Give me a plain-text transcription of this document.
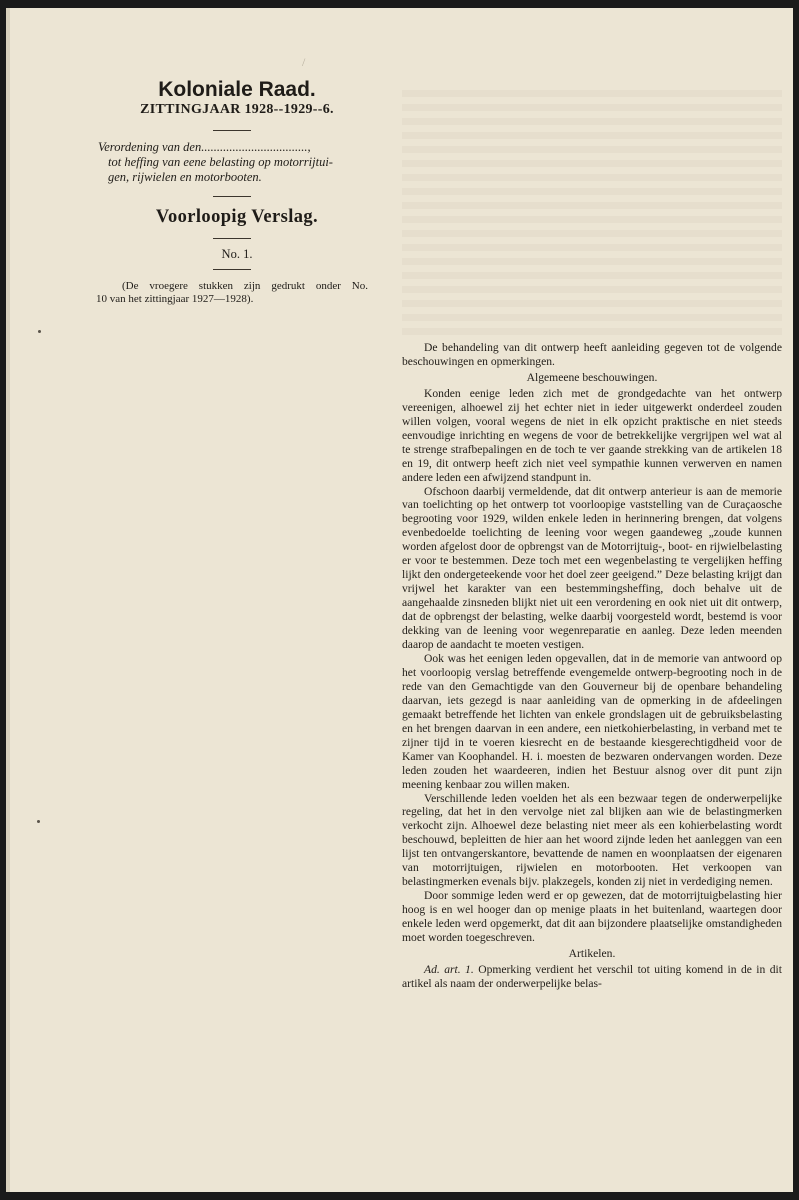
/
Koloniale Raad.
ZITTINGJAAR 1928--1929--6.
Verordening van den..................................,
tot heffing van eene belasting op motorrijtui-
gen, rijwielen en motorbooten.
Voorloopig Verslag.
No. 1.
(De vroegere stukken zijn gedrukt onder No.
10 van het zittingjaar 1927—1928).

De behandeling van dit ontwerp heeft aanleiding gegeven tot de volgende beschouwingen en opmerkingen.

Algemeene beschouwingen.

Konden eenige leden zich met de grondgedachte van het ontwerp vereenigen, alhoewel zij het echter niet in ieder uitgewerkt onderdeel zouden willen volgen, vooral wegens de niet in elk opzicht praktische en niet steeds eenvoudige inrichting en wegens de voor de betrekkelijke vergrijpen wel wat al te strenge strafbepalingen en de toch te ver gaande strekking van de artikelen 18 en 19, dit ontwerp heeft zich niet veel sympathie kunnen verwerven en namen andere leden een afwijzend standpunt in.

Ofschoon daarbij vermeldende, dat dit ontwerp anterieur is aan de memorie van toelichting op het ontwerp tot voorloopige vaststelling van de Curaçaosche begrooting voor 1929, wilden enkele leden in herinnering brengen, dat volgens evenbedoelde toelichting de leening voor wegen gaandeweg „zoude kunnen worden afgelost door de opbrengst van de Motorrijtuig-, boot- en rijwielbelasting er voor te bestemmen. Deze toch met een wegenbelasting te vergelijken heffing lijkt den ondergeteekende voor het doel zeer geeigend.” Deze belasting krijgt dan vrijwel het karakter van een bestemmingsheffing, doch behalve uit de aangehaalde zinsneden blijkt niet uit een verordening en ook niet uit dit ontwerp, dat de opbrengst der belasting, welke daarbij voorgesteld wordt, bestemd is voor dekking van de leening voor wegenreparatie en aanleg. Deze leden meenden daarop de aandacht te moeten vestigen.

Ook was het eenigen leden opgevallen, dat in de memorie van antwoord op het voorloopig verslag betreffende evengemelde ontwerp-begrooting noch in de rede van den Gemachtigde van den Gouverneur bij de openbare behandeling daarvan, iets gezegd is naar aanleiding van de opmerking in de afdeelingen gemaakt betreffende het lichten van enkele grondslagen uit de gebruiksbelasting en het brengen daarvan in een andere, een nietkohierbelasting, in verband met te zijner tijd in te voeren kiesrecht en de bestaande kiesgerechtigdheid voor de Kamer van Koophandel. H. i. moesten de bezwaren ondervangen worden. Deze leden zouden het waardeeren, indien het Bestuur alsnog over dit punt zijn meening kenbaar zou willen maken.

Verschillende leden voelden het als een bezwaar tegen de onderwerpelijke regeling, dat het in den vervolge niet zal blijken aan wie de belastingmerken verkocht zijn. Alhoewel deze belasting niet meer als een kohierbelasting wordt beschouwd, bepleitten de hier aan het woord zijnde leden het aanleggen van een lijst ten ontvangerskantore, bevattende de namen en woonplaatsen der eigenaren van motorrijtuigen, rijwielen en motorbooten. Het verkoopen van belastingmerken evenals bijv. plakzegels, konden zij niet in verdediging nemen.

Door sommige leden werd er op gewezen, dat de motorrijtuigbelasting hier hoog is en wel hooger dan op menige plaats in het buitenland, waartegen door enkele leden werd opgemerkt, dat dit aan bijzondere plaatselijke omstandigheden moet worden toegeschreven.

Artikelen.

Ad. art. 1. Opmerking verdient het verschil tot uiting komend in de in dit artikel als naam der onderwerpelijke belas-
